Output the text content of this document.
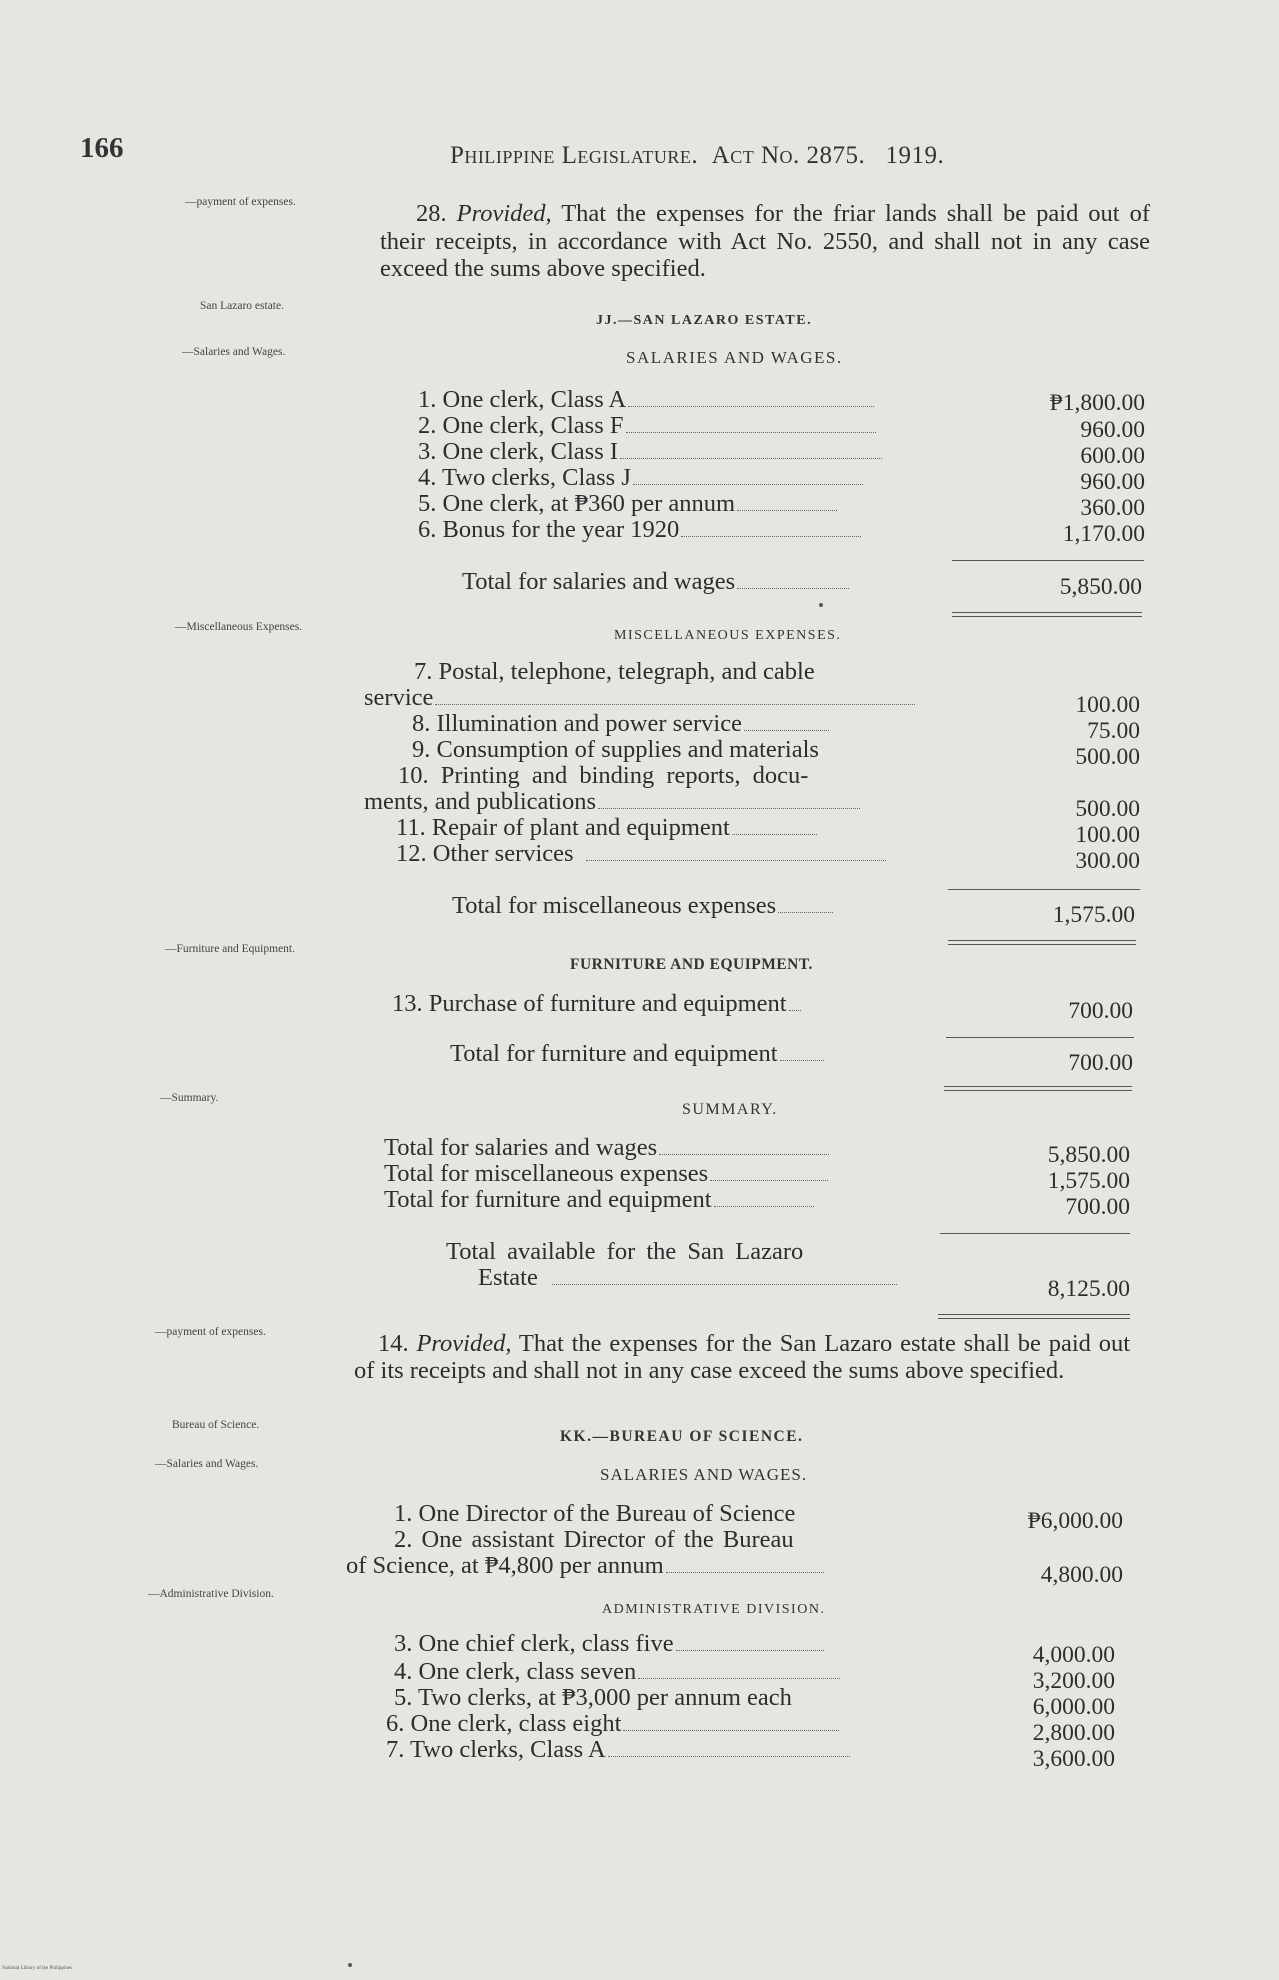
166	Philippine Legislature. Act No. 2875. 1919.
—payment of expenses.
San Lazaro estate.
—Salaries and Wages.
—Miscellaneous Expenses.
—Furniture and Equipment.
—Summary.
—payment of expenses.
Bureau of Science.
—Salaries and Wages.
—Administrative Division.
28. Provided, That the expenses for the friar lands shall be paid out of their receipts, in accordance with Act No. 2550, and shall not in any case exceed the sums above specified.
JJ.—SAN LAZARO ESTATE.
SALARIES AND WAGES.
1. One clerk, Class A	₱1,800.00
2. One clerk, Class F	960.00
3. One clerk, Class I	600.00
4. Two clerks, Class J	960.00
5. One clerk, at ₱360 per annum	360.00
6. Bonus for the year 1920	1,170.00
Total for salaries and wages	5,850.00
MISCELLANEOUS EXPENSES.
7. Postal, telephone, telegraph, and cable
service	100.00
8. Illumination and power service	75.00
9. Consumption of supplies and materials	500.00
10. Printing and binding reports, docu-
ments, and publications	500.00
11. Repair of plant and equipment	100.00
12. Other services	300.00
Total for miscellaneous expenses	1,575.00
FURNITURE AND EQUIPMENT.
13. Purchase of furniture and equipment	700.00
Total for furniture and equipment	700.00
SUMMARY.
Total for salaries and wages	5,850.00
Total for miscellaneous expenses	1,575.00
Total for furniture and equipment	700.00
Total available for the San Lazaro
Estate	8,125.00
14. Provided, That the expenses for the San Lazaro estate shall be paid out of its receipts and shall not in any case exceed the sums above specified.
KK.—BUREAU OF SCIENCE.
SALARIES AND WAGES.
1. One Director of the Bureau of Science	₱6,000.00
2. One assistant Director of the Bureau
of Science, at ₱4,800 per annum	4,800.00
ADMINISTRATIVE DIVISION.
3. One chief clerk, class five	4,000.00
4. One clerk, class seven	3,200.00
5. Two clerks, at ₱3,000 per annum each	6,000.00
6. One clerk, class eight	2,800.00
7. Two clerks, Class A	3,600.00
National Library of the Philippines
